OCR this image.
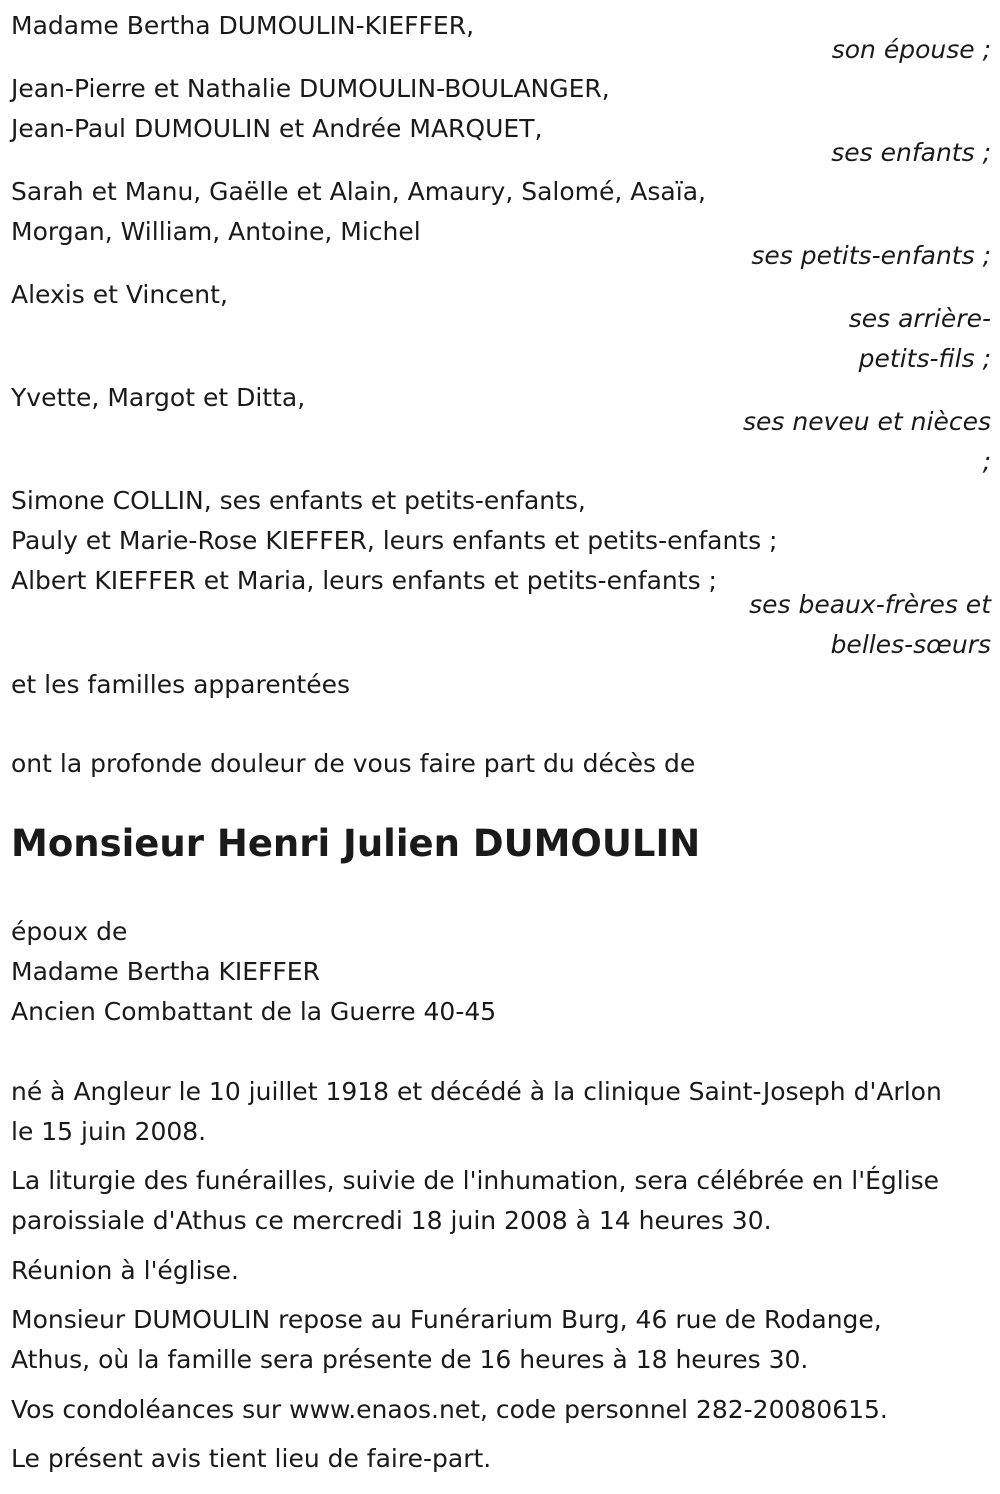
Madame Bertha DUMOULIN-KIEFFER,
son épouse ;
Jean-Pierre et Nathalie DUMOULIN-BOULANGER,
Jean-Paul DUMOULIN et Andrée MARQUET,
ses enfants ;
Sarah et Manu, Gaëlle et Alain, Amaury, Salomé, Asaïa,
Morgan, William, Antoine, Michel
ses petits-enfants ;
Alexis et Vincent,
ses arrière-
petits-fils ;
Yvette, Margot et Ditta,
ses neveu et nièces
;
Simone COLLIN, ses enfants et petits-enfants,
Pauly et Marie-Rose KIEFFER, leurs enfants et petits-enfants ;
Albert KIEFFER et Maria, leurs enfants et petits-enfants ;
ses beaux-frères et
belles-sœurs
et les familles apparentées
ont la profonde douleur de vous faire part du décès de
Monsieur Henri Julien DUMOULIN
époux de
Madame Bertha KIEFFER
Ancien Combattant de la Guerre 40-45
né à Angleur le 10 juillet 1918 et décédé à la clinique Saint-Joseph d'Arlon
le 15 juin 2008.
La liturgie des funérailles, suivie de l'inhumation, sera célébrée en l'Église
paroissiale d'Athus ce mercredi 18 juin 2008 à 14 heures 30.
Réunion à l'église.
Monsieur DUMOULIN repose au Funérarium Burg, 46 rue de Rodange,
Athus, où la famille sera présente de 16 heures à 18 heures 30.
Vos condoléances sur www.enaos.net, code personnel 282-20080615.
Le présent avis tient lieu de faire-part.
